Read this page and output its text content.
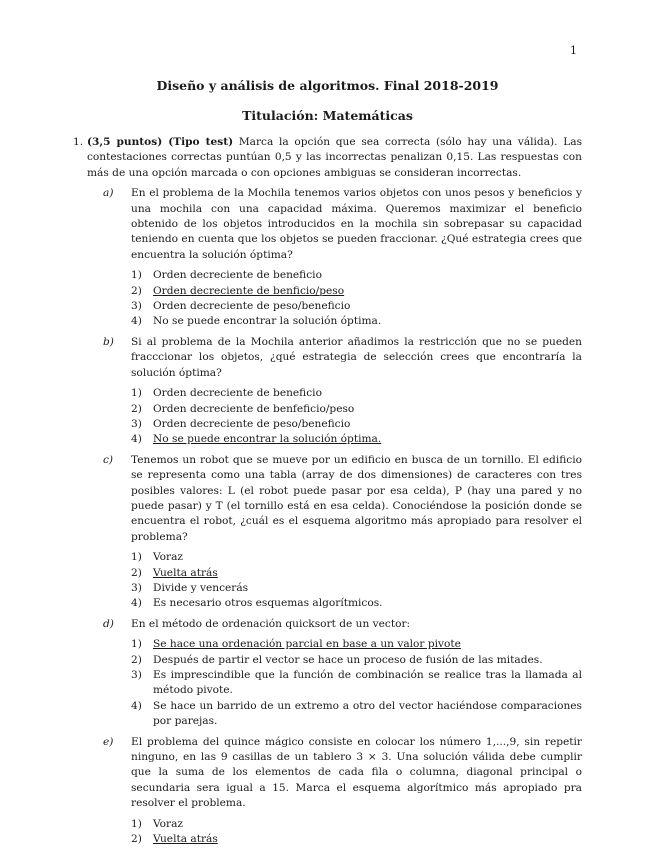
1
Diseño y análisis de algoritmos. Final 2018-2019
Titulación: Matemáticas
1. (3,5 puntos) (Tipo test) Marca la opción que sea correcta (sólo hay una válida). Las contestaciones correctas puntúan 0,5 y las incorrectas penalizan 0,15. Las respuestas con más de una opción marcada o con opciones ambiguas se consideran incorrectas.
a) En el problema de la Mochila tenemos varios objetos con unos pesos y beneficios y una mochila con una capacidad máxima. Queremos maximizar el beneficio obtenido de los objetos introducidos en la mochila sin sobrepasar su capacidad teniendo en cuenta que los objetos se pueden fraccionar. ¿Qué estrategia crees que encuentra la solución óptima?
1) Orden decreciente de beneficio
2) Orden decreciente de benficio/peso
3) Orden decreciente de peso/beneficio
4) No se puede encontrar la solución óptima.
b) Si al problema de la Mochila anterior añadimos la restricción que no se pueden fracccionar los objetos, ¿qué estrategia de selección crees que encontraría la solución óptima?
1) Orden decreciente de beneficio
2) Orden decreciente de benfeficio/peso
3) Orden decreciente de peso/beneficio
4) No se puede encontrar la solución óptima.
c) Tenemos un robot que se mueve por un edificio en busca de un tornillo. El edificio se representa como una tabla (array de dos dimensiones) de caracteres con tres posibles valores: L (el robot puede pasar por esa celda), P (hay una pared y no puede pasar) y T (el tornillo está en esa celda). Conociéndose la posición donde se encuentra el robot, ¿cuál es el esquema algoritmo más apropiado para resolver el problema?
1) Voraz
2) Vuelta atrás
3) Divide y vencerás
4) Es necesario otros esquemas algorítmicos.
d) En el método de ordenación quicksort de un vector:
1) Se hace una ordenación parcial en base a un valor pivote
2) Después de partir el vector se hace un proceso de fusión de las mitades.
3) Es imprescindible que la función de combinación se realice tras la llamada al método pivote.
4) Se hace un barrido de un extremo a otro del vector haciéndose comparaciones por parejas.
e) El problema del quince mágico consiste en colocar los número 1,...,9, sin repetir ninguno, en las 9 casillas de un tablero 3 × 3. Una solución válida debe cumplir que la suma de los elementos de cada fila o columna, diagonal principal o secundaria sera igual a 15. Marca el esquema algorítmico más apropiado pra resolver el problema.
1) Voraz
2) Vuelta atrás
